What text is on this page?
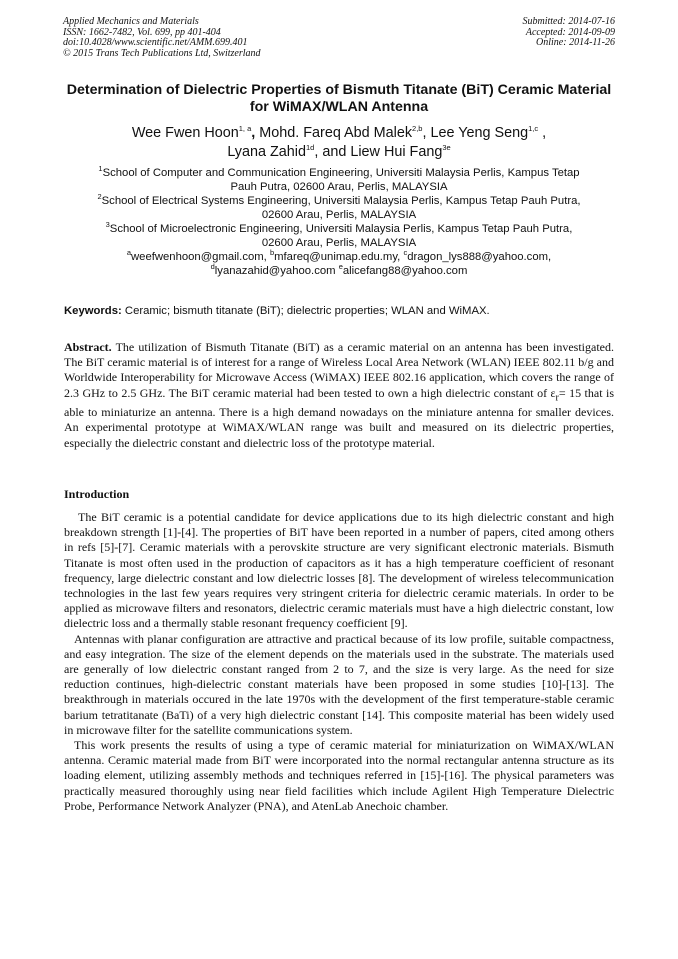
Applied Mechanics and Materials
ISSN: 1662-7482, Vol. 699, pp 401-404
doi:10.4028/www.scientific.net/AMM.699.401
© 2015 Trans Tech Publications Ltd, Switzerland
Submitted: 2014-07-16
Accepted: 2014-09-09
Online: 2014-11-26
Determination of Dielectric Properties of Bismuth Titanate (BiT) Ceramic Material for WiMAX/WLAN Antenna
Wee Fwen Hoon$^{1, a}$, Mohd. Fareq Abd Malek$^{2,b}$, Lee Yeng Seng$^{1,c}$ ,
Lyana Zahid$^{1d}$, and Liew Hui Fang$^{3e}$
$^1$School of Computer and Communication Engineering, Universiti Malaysia Perlis, Kampus Tetap
Pauh Putra, 02600 Arau, Perlis, MALAYSIA
$^2$School of Electrical Systems Engineering, Universiti Malaysia Perlis, Kampus Tetap Pauh Putra,
02600 Arau, Perlis, MALAYSIA
$^3$School of Microelectronic Engineering, Universiti Malaysia Perlis, Kampus Tetap Pauh Putra,
02600 Arau, Perlis, MALAYSIA
$^a$weefwenhoon@gmail.com, $^b$mfareq@unimap.edu.my, $^c$dragon_lys888@yahoo.com,
$^d$lyanazahid@yahoo.com $^e$alicefang88@yahoo.com
Keywords: Ceramic; bismuth titanate (BiT); dielectric properties; WLAN and WiMAX.
Abstract. The utilization of Bismuth Titanate (BiT) as a ceramic material on an antenna has been investigated. The BiT ceramic material is of interest for a range of Wireless Local Area Network (WLAN) IEEE 802.11 b/g and Worldwide Interoperability for Microwave Access (WiMAX) IEEE 802.16 application, which covers the range of 2.3 GHz to 2.5 GHz. The BiT ceramic material had been tested to own a high dielectric constant of $\varepsilon_r= 15$ that is able to miniaturize an antenna. There is a high demand nowadays on the miniature antenna for smaller devices. An experimental prototype at WiMAX/WLAN range was built and measured on its dielectric properties, especially the dielectric constant and dielectric loss of the prototype material.
Introduction

The BiT ceramic is a potential candidate for device applications due to its high dielectric constant and high breakdown strength [1]-[4]. The properties of BiT have been reported in a number of papers, cited among others in refs [5]-[7]. Ceramic materials with a perovskite structure are very significant electronic materials. Bismuth Titanate is most often used in the production of capacitors as it has a high temperature coefficient of resonant frequency, large dielectric constant and low dielectric losses [8]. The development of wireless telecommunication technologies in the last few years requires very stringent criteria for dielectric ceramic materials. In order to be applied as microwave filters and resonators, dielectric ceramic materials must have a high dielectric constant, low dielectric loss and a thermally stable resonant frequency coefficient [9].

Antennas with planar configuration are attractive and practical because of its low profile, suitable compactness, and easy integration. The size of the element depends on the materials used in the substrate. The materials used are generally of low dielectric constant ranged from 2 to 7, and the size is very large. As the need for size reduction continues, high-dielectric constant materials have been proposed in some studies [10]-[13]. The breakthrough in materials occured in the late 1970s with the development of the first temperature-stable ceramic barium tetratitanate (BaTi) of a very high dielectric constant [14]. This composite material has been widely used in microwave filter for the satellite communications system.

This work presents the results of using a type of ceramic material for miniaturization on WiMAX/WLAN antenna. Ceramic material made from BiT were incorporated into the normal rectangular antenna structure as its loading element, utilizing assembly methods and techniques referred in [15]-[16]. The physical parameters was practically measured thoroughly using near field facilities which include Agilent High Temperature Dielectric Probe, Performance Network Analyzer (PNA), and AtenLab Anechoic chamber.
